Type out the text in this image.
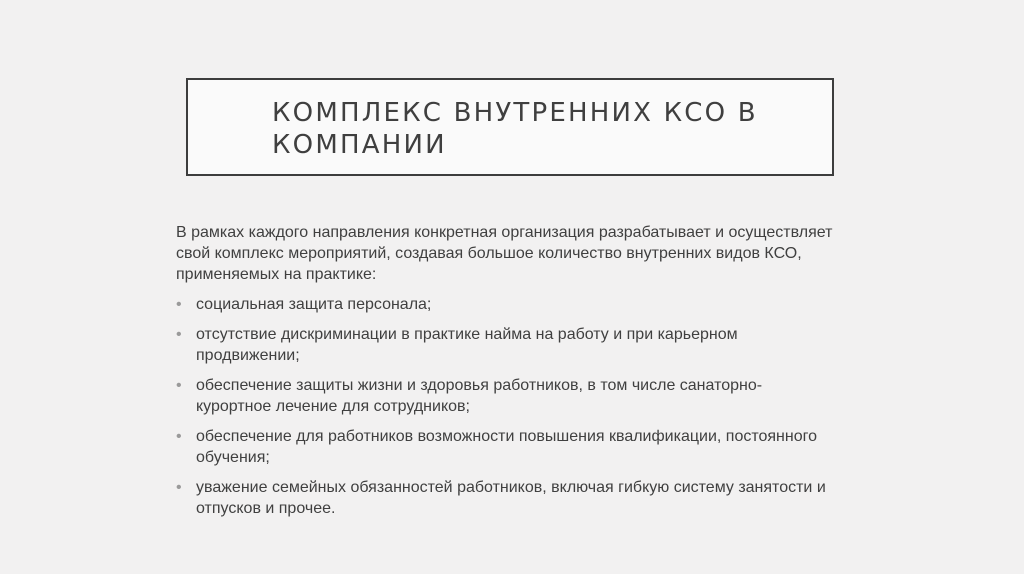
КОМПЛЕКС ВНУТРЕННИХ КСО В КОМПАНИИ

В рамках каждого направления конкретная организация разрабатывает и осуществляет свой комплекс мероприятий, создавая большое количество внутренних видов КСО, применяемых на практике:

• социальная защита персонала;
• отсутствие дискриминации в практике найма на работу и при карьерном продвижении;
• обеспечение защиты жизни и здоровья работников, в том числе санаторно-курортное лечение для сотрудников;
• обеспечение для работников возможности повышения квалификации, постоянного обучения;
• уважение семейных обязанностей работников, включая гибкую систему занятости и отпусков и прочее.
